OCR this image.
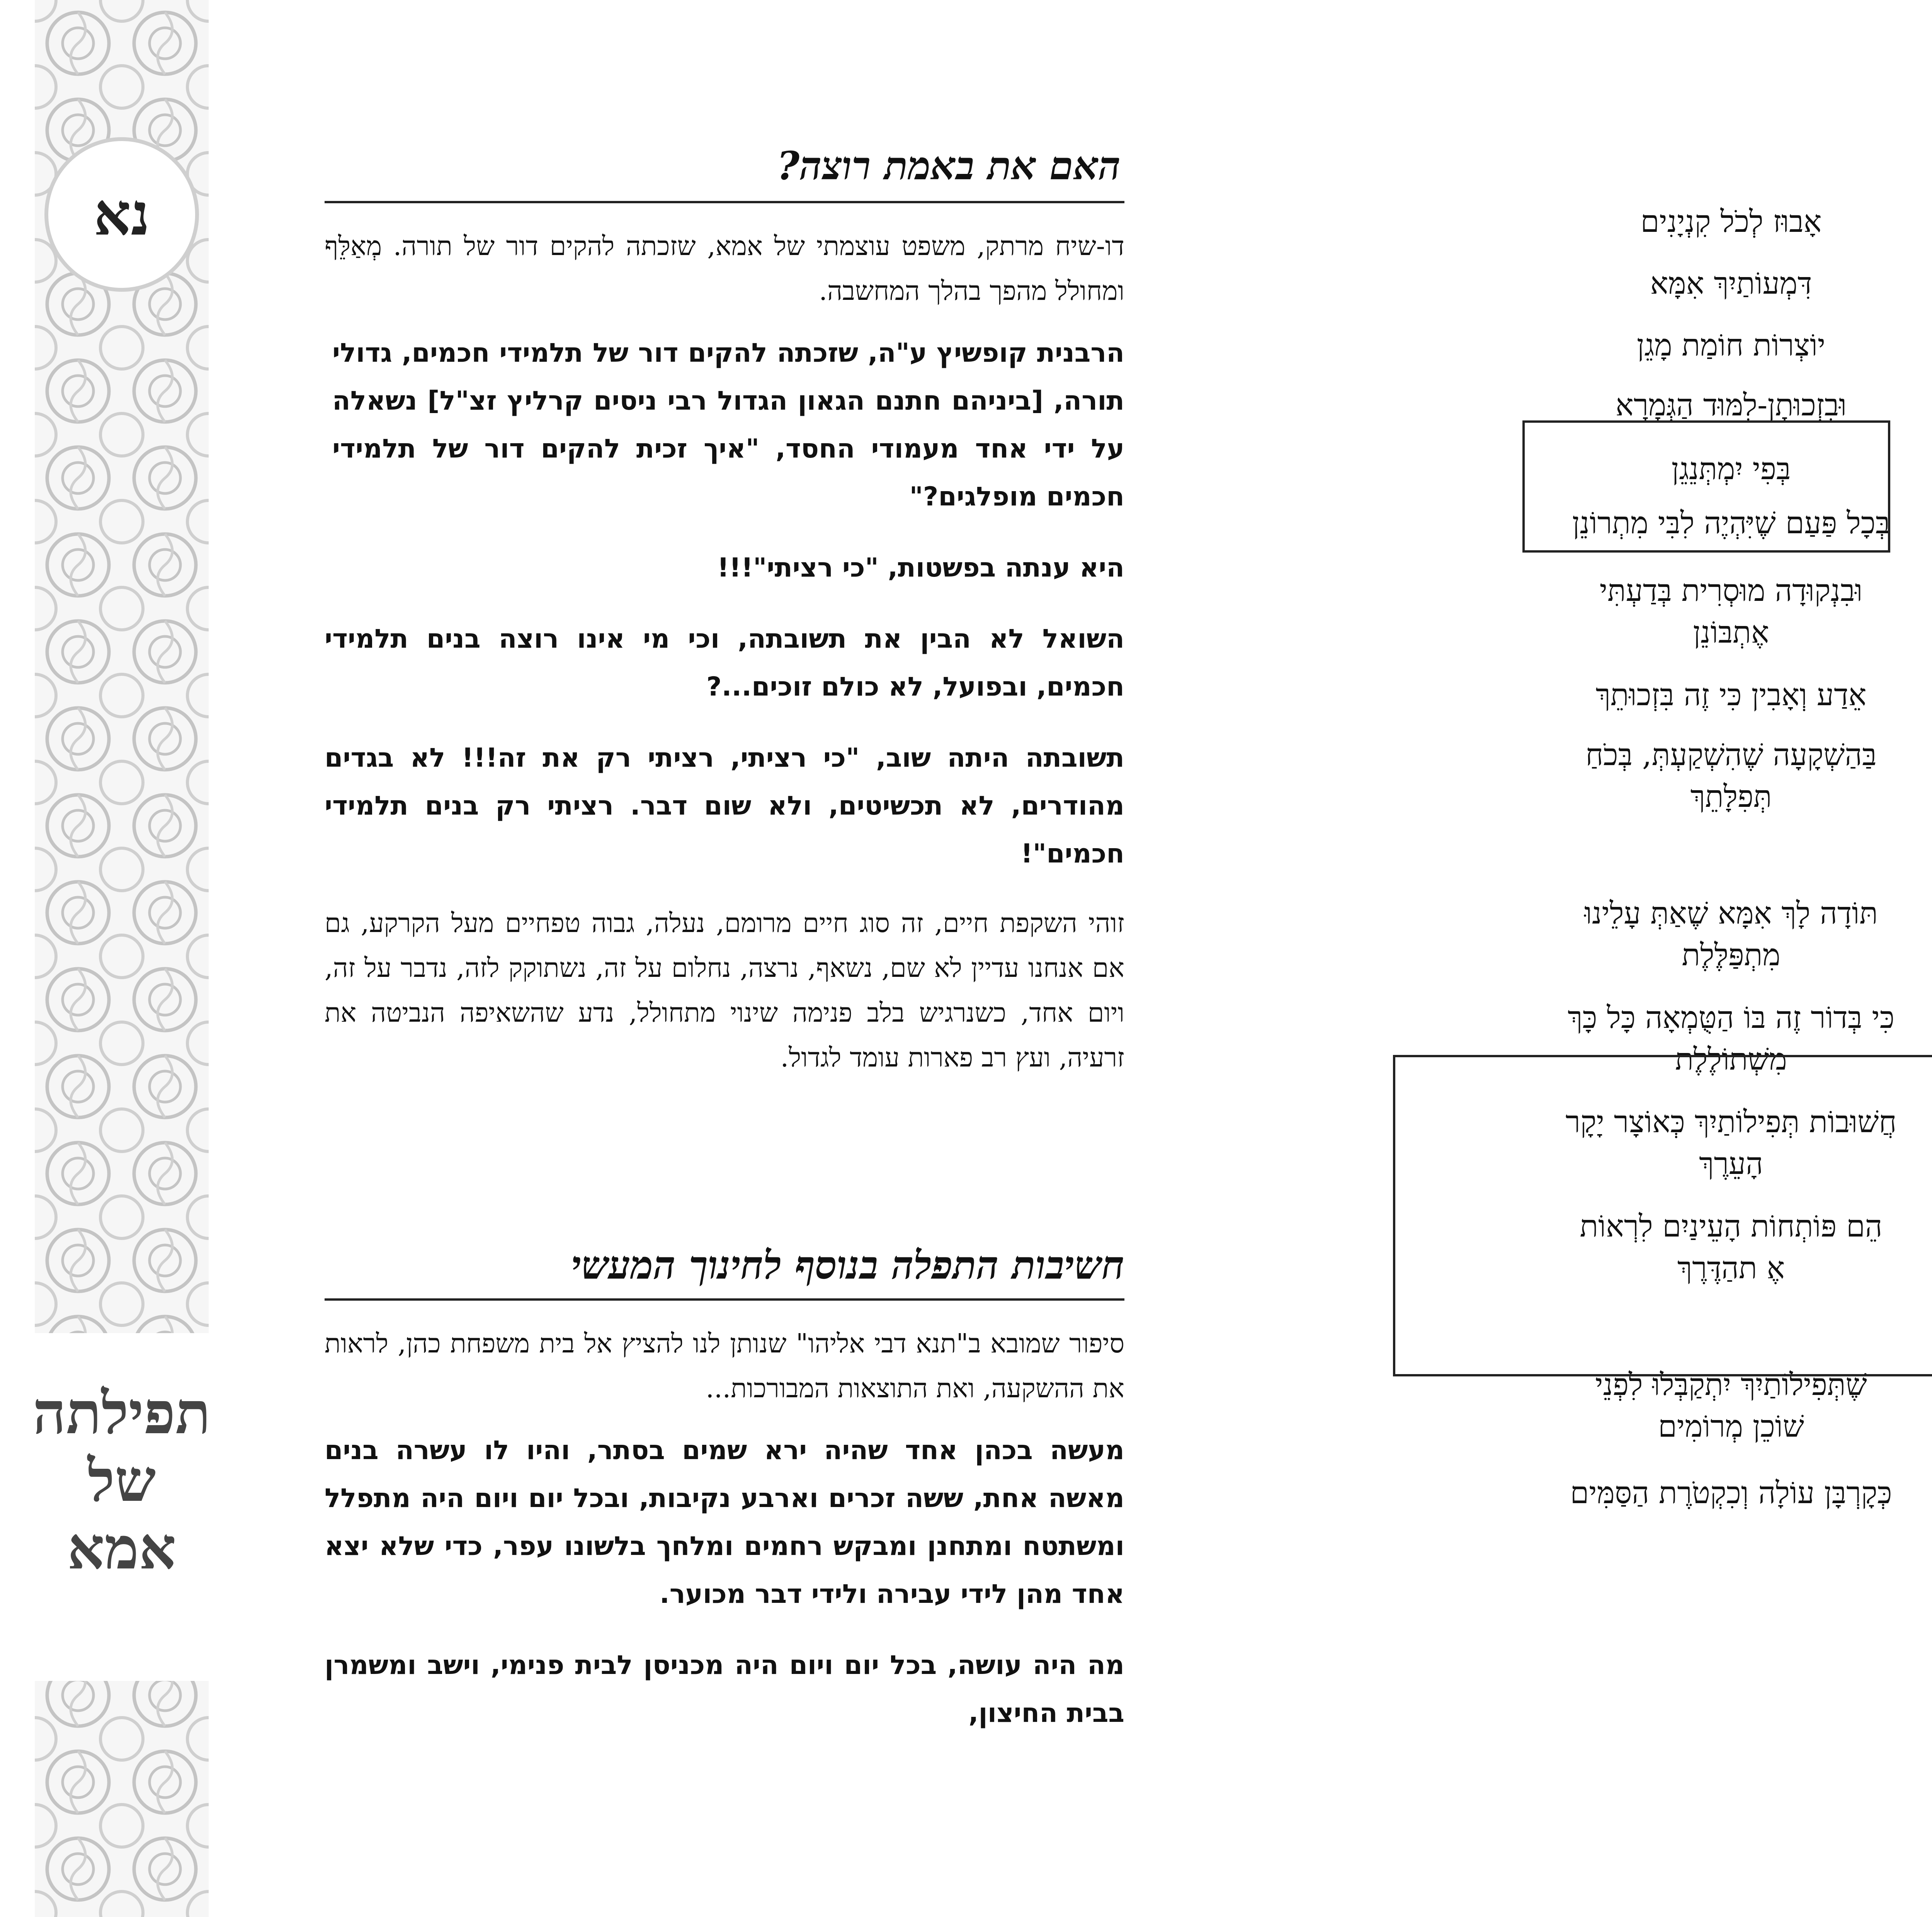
נא
תפילתה
של
אמא
האם את באמת רוצה?

דו-שיח מרתק, משפט עוצמתי של אמא, שזכתה להקים דור של תורה. מְאַלֵּף ומחולל מהפך בהלך המחשבה.

הרבנית קופשיץ ע"ה, שזכתה להקים דור של תלמידי חכמים, גדולי תורה, [ביניהם חתנם הגאון הגדול רבי ניסים קרליץ זצ"ל] נשאלה על ידי אחד מעמודי החסד, "איך זכית להקים דור של תלמידי חכמים מופלגים?"

היא ענתה בפשטות, "כי רציתי"!!!

השואל לא הבין את תשובתה, וכי מי אינו רוצה בנים תלמידי חכמים, ובפועל, לא כולם זוכים...?

תשובתה היתה שוב, "כי רציתי, רציתי רק את זה!!! לא בגדים מהודרים, לא תכשיטים, ולא שום דבר. רציתי רק בנים תלמידי חכמים"!

זוהי השקפת חיים, זה סוג חיים מרומם, נעלה, גבוה טפחיים מעל הקרקע, גם אם אנחנו עדיין לא שם, נשאף, נרצה, נחלום על זה, נשתוקק לזה, נדבר על זה, ויום אחד, כשנרגיש בלב פנימה שינוי מתחולל, נדע שהשאיפה הנביטה את זרעיה, ועץ רב פארות עומד לגדול.

חשיבות התפלה בנוסף לחינוך המעשי

סיפור שמובא ב"תנא דבי אליהו" שנותן לנו להציץ אל בית משפחת כהן, לראות את ההשקעה, ואת התוצאות המבורכות...

מעשה בכהן אחד שהיה ירא שמים בסתר, והיו לו עשרה בנים מאשה אחת, ששה זכרים וארבע נקיבות, ובכל יום ויום היה מתפלל ומשתטח ומתחנן ומבקש רחמים ומלחך בלשונו עפר, כדי שלא יצא אחד מהן לידי עבירה ולידי דבר מכוער.

מה היה עושה, בכל יום ויום היה מכניסן לבית פנימי, וישב ומשמרן בבית החיצון,

אָבוּז לְכֹל קִנְיָנִים
דִּמְעוֹתַיִךְ אִמָּא
יוֹצְרוֹת חוֹמַת מָגֵן
וּבִזְכוּתָן-לִמּוּד הַגְּמָרָא
בְּפִי יִמְתְּנֵגֵן
בְּכָל פַּעַם שֶׁיִּהְיֶה לִבִּי מִתְרוֹנֵן
וּבִנְקוּדָה מוּסְרִית בְּדַעְתִּי
אֶתְבּוֹנֵן
אֵדַע וְאָבִין כִּי זֶה בִּזְכוּתֵךְ
בַּהַשְׁקָעָה שֶׁהִשְׁקַעְתְּ, בְּכֹחַ
תְּפִלָּתֵךְ
תּוֹדָה לָךְ אִמָּא שֶׁאַתְּ עָלֵינוּ
מִתְפַּלֶּלֶת
כִּי בְּדוֹר זֶה בּוֹ הַטֻּמְאָה כָּל כָּךְ
מִשְׁתוֹלֶלֶת
חֲשׁוּבוֹת תְּפִילוֹתַיִךְ כְּאוֹצָר יָקָר
הָעֵרֶךְ
הֵם פּוֹתְחוֹת הָעֵינַיִם לִרְאוֹת
אֶ תהַדֶּרֶךְ
שֶׁתְּפִילוֹתַיִךְ יִתְקַבְּלוּ לִפְנֵי
שׁוֹכֵן מְרוֹמִים
כְּקָרְבָּן עוֹלָה וְכִקְטֹרֶת הַסַּמִּים
